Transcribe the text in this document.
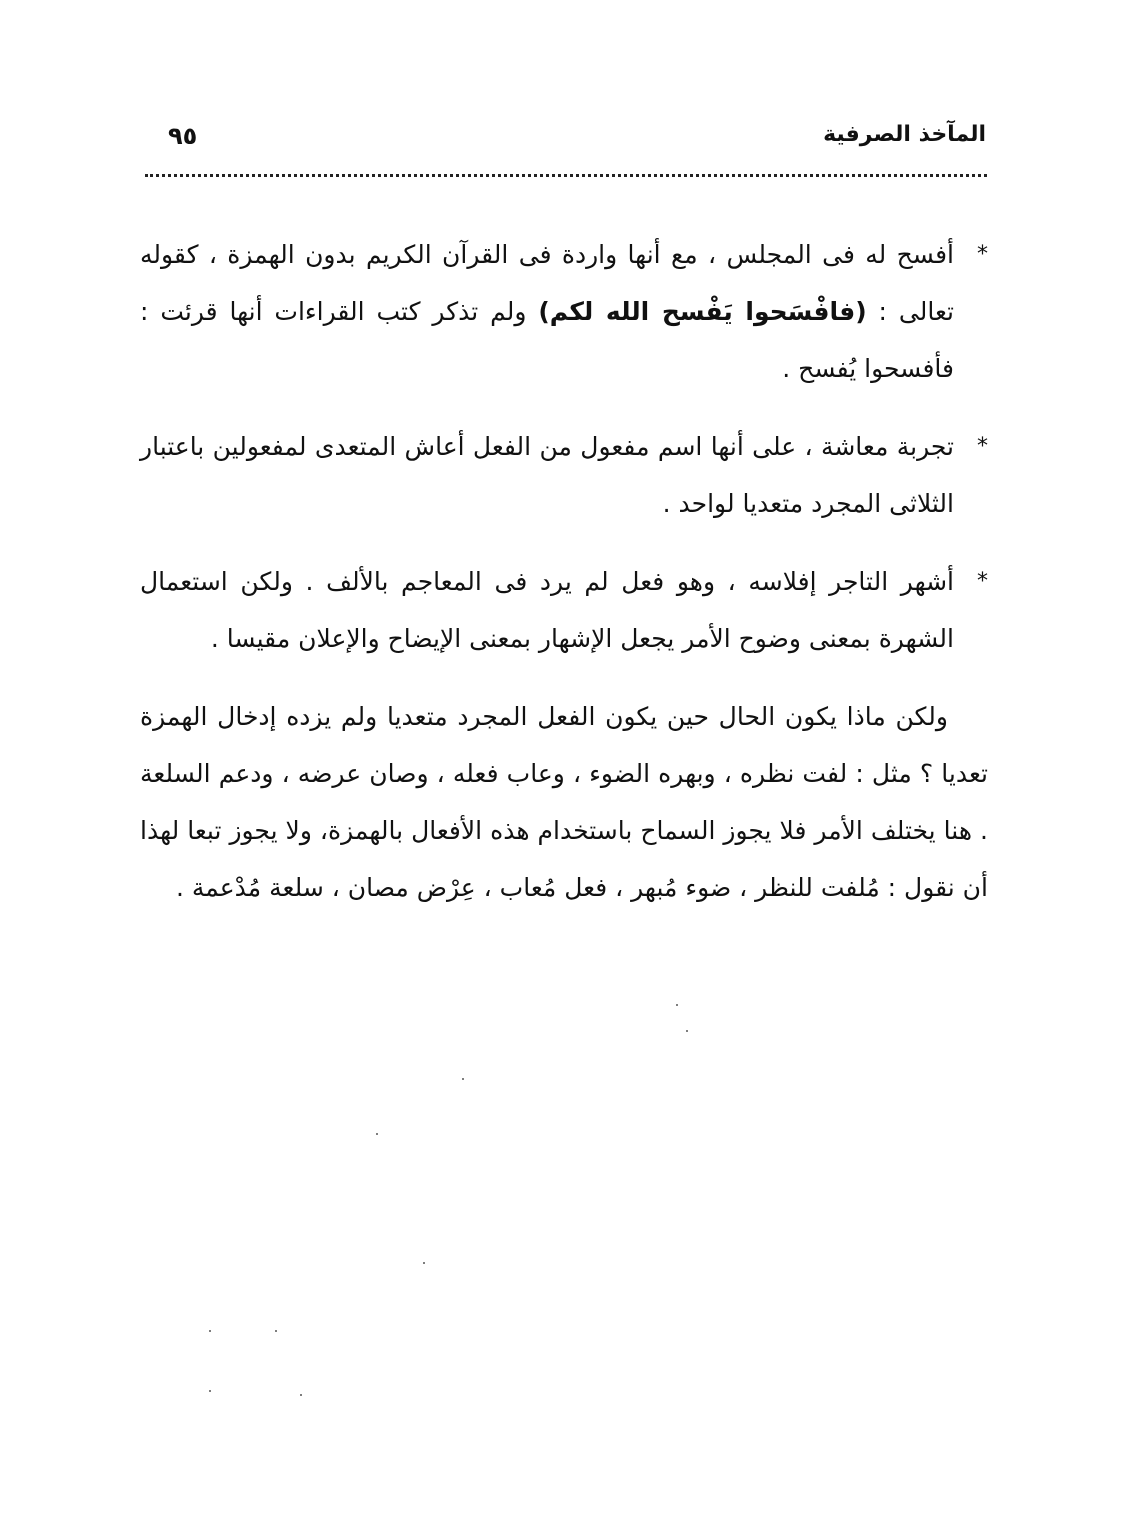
المآخذ الصرفية
٩٥
*
أفسح له فى المجلس ، مع أنها واردة فى القرآن الكريم بدون الهمزة ، كقوله تعالى : (فافْسَحوا يَفْسح الله لكم) ولم تذكر كتب القراءات أنها قرئت : فأفسحوا يُفسح .
*
تجربة معاشة ، على أنها اسم مفعول من الفعل أعاش المتعدى لمفعولين باعتبار الثلاثى المجرد متعديا لواحد .
*
أشهر التاجر إفلاسه ، وهو فعل لم يرد فى المعاجم بالألف . ولكن استعمال الشهرة بمعنى وضوح الأمر يجعل الإشهار بمعنى الإيضاح والإعلان مقيسا .

ولكن ماذا يكون الحال حين يكون الفعل المجرد متعديا ولم يزده إدخال الهمزة تعديا ؟ مثل : لفت نظره ، وبهره الضوء ، وعاب فعله ، وصان عرضه ، ودعم السلعة . هنا يختلف الأمر فلا يجوز السماح باستخدام هذه الأفعال بالهمزة، ولا يجوز تبعا لهذا أن نقول : مُلفت للنظر ، ضوء مُبهر ، فعل مُعاب ، عِرْض مصان ، سلعة مُدْعمة .
